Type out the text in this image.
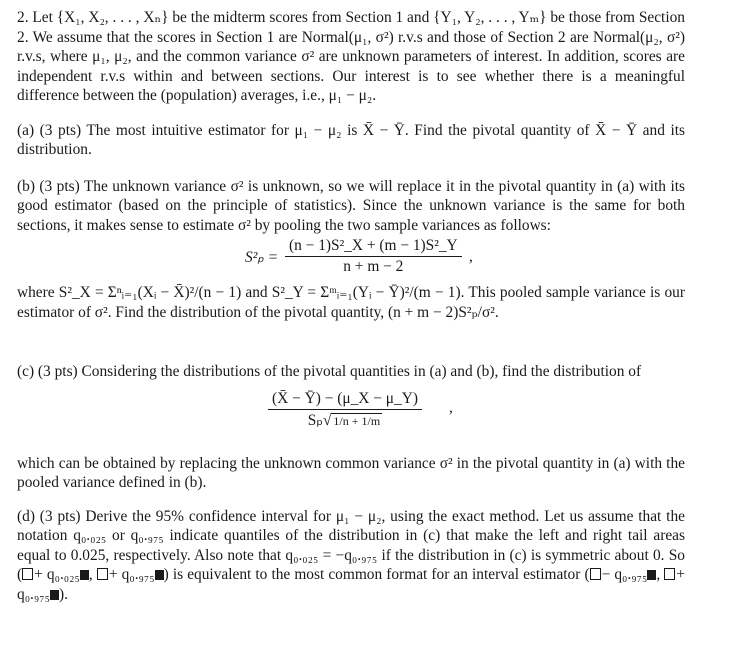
2. Let {X₁, X₂, . . . , Xₙ} be the midterm scores from Section 1 and {Y₁, Y₂, . . . , Yₘ} be those from Section 2. We assume that the scores in Section 1 are Normal(μ₁, σ²) r.v.s and those of Section 2 are Normal(μ₂, σ²) r.v.s, where μ₁, μ₂, and the common variance σ² are unknown parameters of interest. In addition, scores are independent r.v.s within and between sections. Our interest is to see whether there is a meaningful difference between the (population) averages, i.e., μ₁ − μ₂.

(a) (3 pts) The most intuitive estimator for μ₁ − μ₂ is X̄ − Ȳ. Find the pivotal quantity of X̄ − Ȳ and its distribution.

(b) (3 pts) The unknown variance σ² is unknown, so we will replace it in the pivotal quantity in (a) with its good estimator (based on the principle of statistics). Since the unknown variance is the same for both sections, it makes sense to estimate σ² by pooling the two sample variances as follows:

S²ₚ =
(n − 1)S²_X + (m − 1)S²_Y
n + m − 2
,

where S²_X = Σⁿᵢ₌₁(Xᵢ − X̄)²/(n − 1) and S²_Y = Σᵐᵢ₌₁(Yᵢ − Ȳ)²/(m − 1). This pooled sample variance is our estimator of σ². Find the distribution of the pivotal quantity, (n + m − 2)S²ₚ/σ².

(c) (3 pts) Considering the distributions of the pivotal quantities in (a) and (b), find the distribution of

(X̄ − Ȳ) − (μ_X − μ_Y)
Sₚ√ 1/n + 1/m
,

which can be obtained by replacing the unknown common variance σ² in the pivotal quantity in (a) with the pooled variance defined in (b).

(d) (3 pts) Derive the 95% confidence interval for μ₁ − μ₂, using the exact method. Let us assume that the notation q₀.₀₂₅ or q₀.₉₇₅ indicate quantiles of the distribution in (c) that make the left and right tail areas equal to 0.025, respectively. Also note that q₀.₀₂₅ = −q₀.₉₇₅ if the distribution in (c) is symmetric about 0. So ( + q₀.₀₂₅ , + q₀.₉₇₅ ) is equivalent to the most common format for an interval estimator ( − q₀.₉₇₅ , + q₀.₉₇₅ ).
